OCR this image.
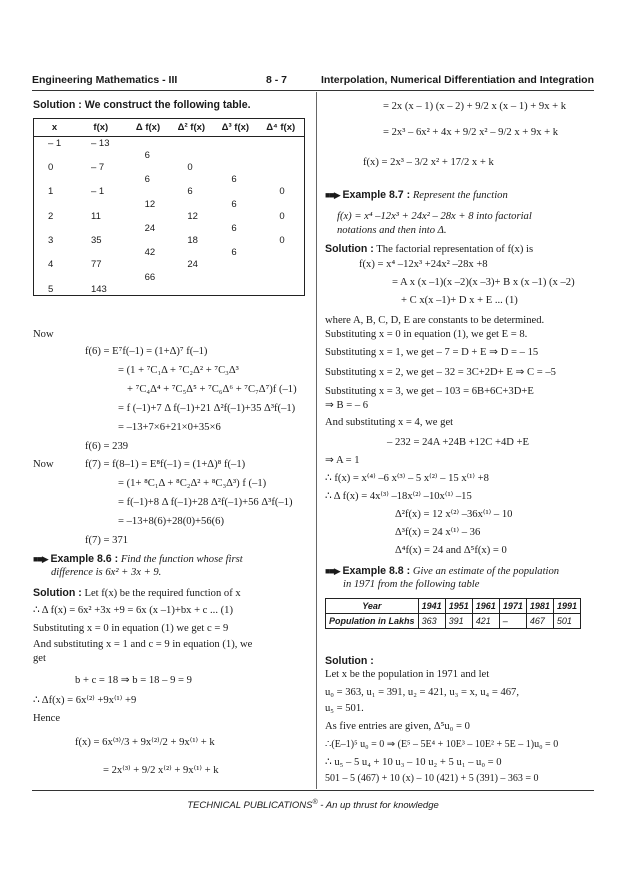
Engineering Mathematics - III	8 - 7	Interpolation, Numerical Differentiation and Integration
Solution : We construct the following table.
x	f(x)	Δ f(x)	Δ² f(x)	Δ³ f(x)	Δ⁴ f(x)
– 1	– 13				
		6			
0	– 7		0		
		6		6	
1	– 1		6		0
		12		6	
2	11		12		0
		24		6	
3	35		18		0
		42		6	
4	77		24		
		66			
5	143				
Now
f(6) = E⁷f(–1) = (1+Δ)⁷ f(–1)
= (1 + ⁷C₁Δ + ⁷C₂Δ² + ⁷C₃Δ³
+ ⁷C₄Δ⁴ + ⁷C₅Δ⁵ + ⁷C₆Δ⁶ + ⁷C₇Δ⁷)f (–1)
= f (–1)+7 Δ f(–1)+21 Δ²f(–1)+35 Δ³f(–1)
= –13+7×6+21×0+35×6
f(6) = 239
Now	f(7) = f(8–1) = E⁸f(–1) = (1+Δ)⁸ f(–1)
= (1+ ⁸C₁Δ + ⁸C₂Δ² + ⁸C₃Δ³) f (–1)
= f(–1)+8 Δ f(–1)+28 Δ²f(–1)+56 Δ³f(–1)
= –13+8(6)+28(0)+56(6)
f(7) = 371
■■▶ Example 8.6 : Find the function whose first
difference is 6x² + 3x + 9.
Solution : Let f(x) be the required function of x
∴ Δ f(x) = 6x² +3x +9 = 6x (x –1)+bx + c ... (1)
Substituting x = 0 in equation (1) we get c = 9
And substituting x = 1 and c = 9 in equation (1), we
get
b + c = 18 ⇒ b = 18 – 9 = 9
∴ Δf(x) = 6x⁽²⁾ +9x⁽¹⁾ +9
Hence
f(x) = 6x⁽³⁾/3 + 9x⁽²⁾/2 + 9x⁽¹⁾ + k
= 2x⁽³⁾ + 9/2 x⁽²⁾ + 9x⁽¹⁾ + k
= 2x (x – 1) (x – 2) + 9/2 x (x – 1) + 9x + k
= 2x³ – 6x² + 4x + 9/2 x² – 9/2 x + 9x + k
f(x) = 2x³ – 3/2 x² + 17/2 x + k
■■▶ Example 8.7 : Represent the function
f(x) = x⁴ –12x³ + 24x² – 28x + 8 into factorial
notations and then into Δ.
Solution : The factorial representation of f(x) is
f(x) = x⁴ –12x³ +24x² –28x +8
= A x (x –1)(x –2)(x –3)+ B x (x –1) (x –2)
+ C x(x –1)+ D x + E ... (1)
where A, B, C, D, E are constants to be determined.
Substituting x = 0 in equation (1), we get E = 8.
Substituting x = 1, we get – 7 = D + E ⇒ D = – 15
Substituting x = 2, we get – 32 = 3C+2D+ E ⇒ C = –5
Substituting x = 3, we get – 103 = 6B+6C+3D+E
⇒ B = – 6
And substituting x = 4, we get
– 232 = 24A +24B +12C +4D +E
⇒ A = 1
∴ f(x) = x⁽⁴⁾ –6 x⁽³⁾ – 5 x⁽²⁾ – 15 x⁽¹⁾ +8
∴ Δ f(x) = 4x⁽³⁾ –18x⁽²⁾ –10x⁽¹⁾ –15
Δ²f(x) = 12 x⁽²⁾ –36x⁽¹⁾ – 10
Δ³f(x) = 24 x⁽¹⁾ – 36
Δ⁴f(x) = 24 and Δ⁵f(x) = 0
■■▶ Example 8.8 : Give an estimate of the population
in 1971 from the following table
Year	1941	1951	1961	1971	1981	1991
Population in Lakhs	363	391	421	–	467	501
Solution :
Let x be the population in 1971 and let
u₀ = 363, u₁ = 391, u₂ = 421, u₃ = x, u₄ = 467,
u₅ = 501.
As five entries are given, Δ⁵u₀ = 0
∴(E–1)⁵ u₀ = 0 ⇒ (E⁵ – 5E⁴ + 10E³ – 10E² + 5E – 1)u₀ = 0
∴ u₅ – 5 u₄ + 10 u₃ – 10 u₂ + 5 u₁ – u₀ = 0
501 – 5 (467) + 10 (x) – 10 (421) + 5 (391) – 363 = 0
TECHNICAL PUBLICATIONS® - An up thrust for knowledge
